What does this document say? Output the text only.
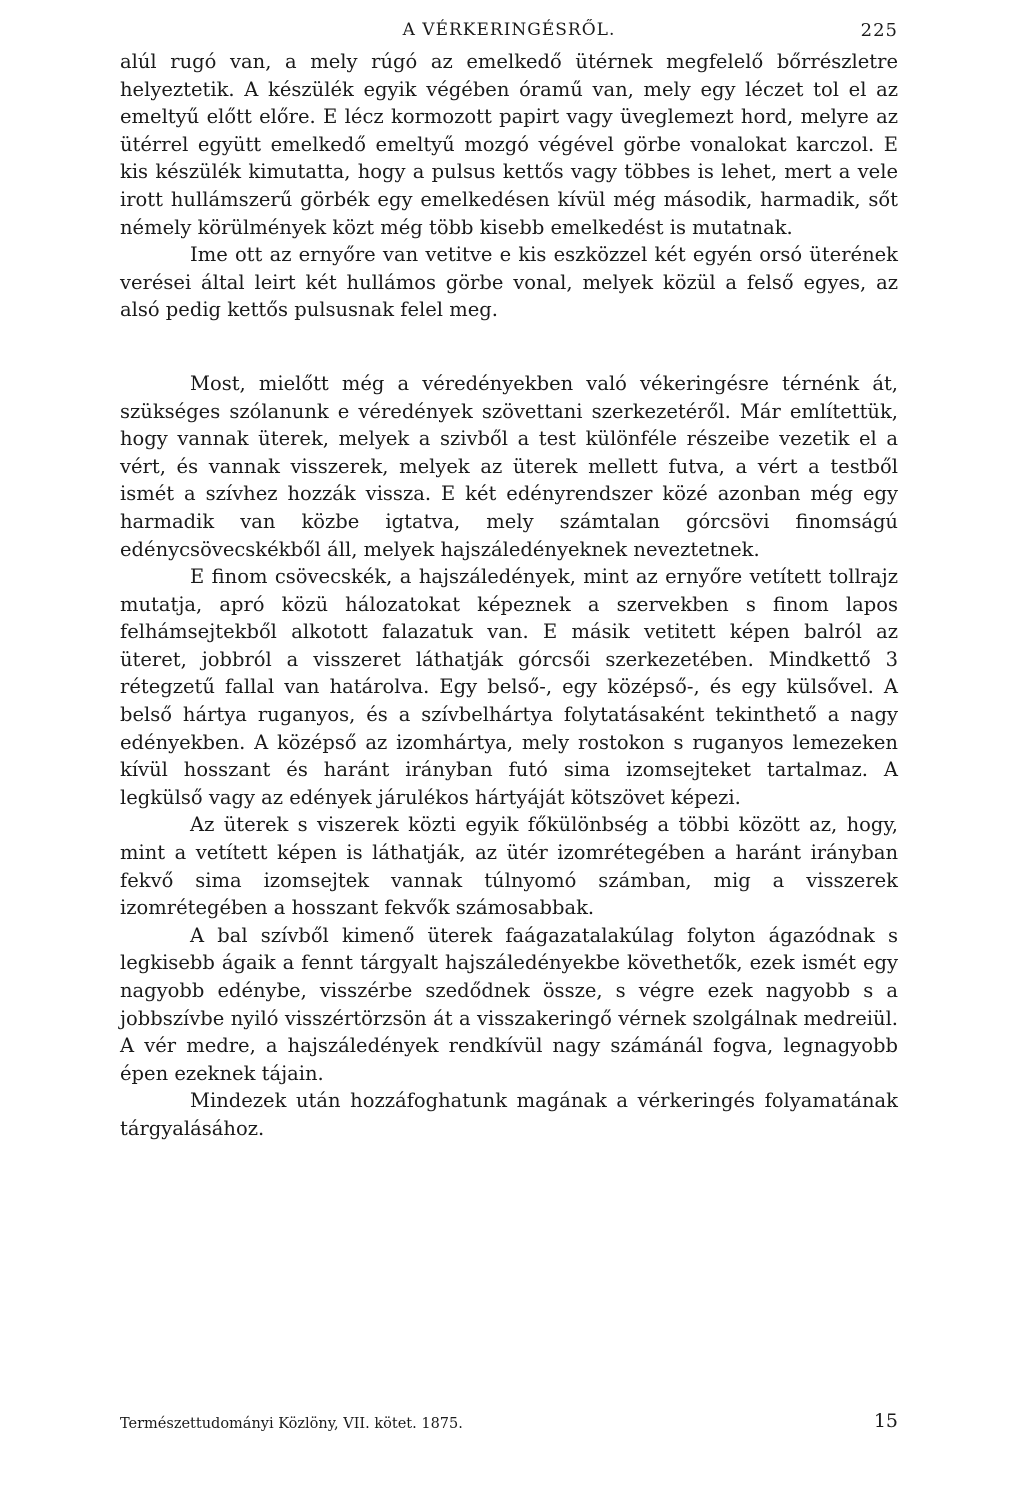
A VÉRKERINGÉSRŐL.	225

alúl rugó van, a mely rúgó az emelkedő ütérnek megfelelő bőrrészletre helyeztetik. A készülék egyik végében óramű van, mely egy léczet tol el az emeltyű előtt előre. E lécz kormozott papirt vagy üveglemezt hord, melyre az ütérrel együtt emelkedő emeltyű mozgó végével görbe vonalokat karczol. E kis készülék kimutatta, hogy a pulsus kettős vagy többes is lehet, mert a vele irott hullámszerű görbék egy emelkedésen kívül még második, harmadik, sőt némely körülmények közt még több kisebb emelkedést is mutatnak.

Ime ott az ernyőre van vetitve e kis eszközzel két egyén orsó üterének verései által leirt két hullámos görbe vonal, melyek közül a felső egyes, az alsó pedig kettős pulsusnak felel meg.

Most, mielőtt még a véredényekben való vékeringésre térnénk át, szükséges szólanunk e véredények szövettani szerkezetéről. Már említettük, hogy vannak üterek, melyek a szivből a test különféle részeibe vezetik el a vért, és vannak visszerek, melyek az üterek mellett futva, a vért a testből ismét a szívhez hozzák vissza. E két edényrendszer közé azonban még egy harmadik van közbe igtatva, mely számtalan górcsövi finomságú edénycsövecskékből áll, melyek hajszáledényeknek neveztetnek.

E finom csövecskék, a hajszáledények, mint az ernyőre vetített tollrajz mutatja, apró közü hálozatokat képeznek a szervekben s finom lapos felhámsejtekből alkotott falazatuk van. E másik vetitett képen balról az üteret, jobbról a visszeret láthatják górcsői szerkezetében. Mindkettő 3 rétegzetű fallal van határolva. Egy belső-, egy középső-, és egy külsővel. A belső hártya ruganyos, és a szívbelhártya folytatásaként tekinthető a nagy edényekben. A középső az izomhártya, mely rostokon s ruganyos lemezeken kívül hosszant és haránt irányban futó sima izomsejteket tartalmaz. A legkülső vagy az edények járulékos hártyáját kötszövet képezi.

Az üterek s viszerek közti egyik főkülönbség a többi között az, hogy, mint a vetített képen is láthatják, az ütér izomrétegében a haránt irányban fekvő sima izomsejtek vannak túlnyomó számban, mig a visszerek izomrétegében a hosszant fekvők számosabbak.

A bal szívből kimenő üterek faágazatalakúlag folyton ágazódnak s legkisebb ágaik a fennt tárgyalt hajszáledényekbe követhetők, ezek ismét egy nagyobb edénybe, visszérbe szedődnek össze, s végre ezek nagyobb s a jobbszívbe nyiló visszértörzsön át a visszakeringő vérnek szolgálnak medreiül. A vér medre, a hajszáledények rendkívül nagy számánál fogva, legnagyobb épen ezeknek tájain.

Mindezek után hozzáfoghatunk magának a vérkeringés folyamatának tárgyalásához.

Természettudományi Közlöny, VII. kötet. 1875.	15
